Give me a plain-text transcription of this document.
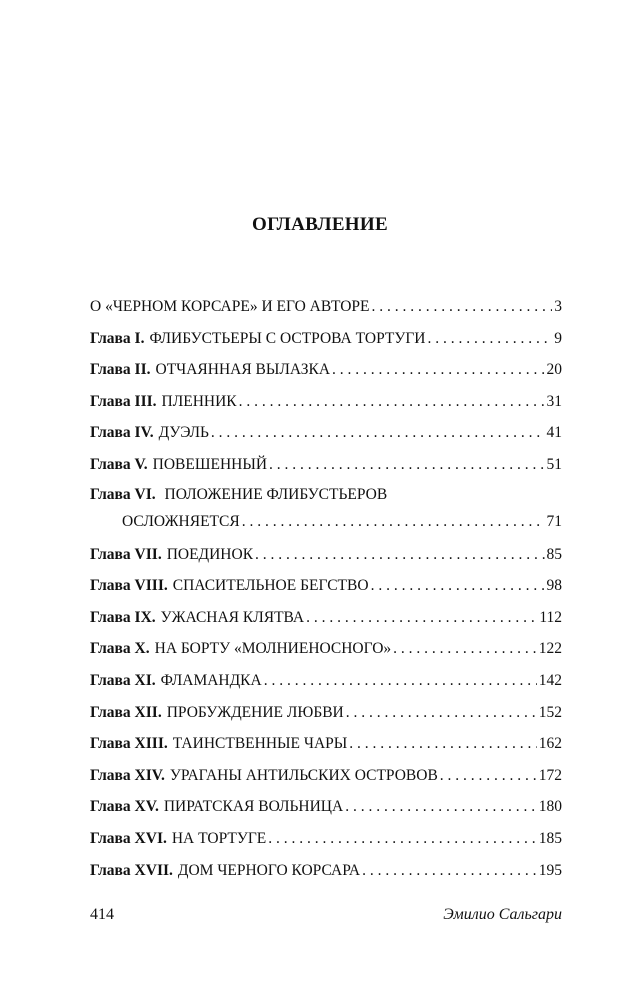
ОГЛАВЛЕНИЕ
О «ЧЕРНОМ КОРСАРЕ» И ЕГО АВТОРЕ . . .	3
Глава I. ФЛИБУСТЬЕРЫ С ОСТРОВА ТОРТУГИ . . .	9
Глава II. ОТЧАЯННАЯ ВЫЛАЗКА . . .	20
Глава III. ПЛЕННИК . . .	31
Глава IV. ДУЭЛЬ . . .	41
Глава V. ПОВЕШЕННЫЙ . . .	51
Глава VI. ПОЛОЖЕНИЕ ФЛИБУСТЬЕРОВ
ОСЛОЖНЯЕТСЯ . . .	71
Глава VII. ПОЕДИНОК . . .	85
Глава VIII. СПАСИТЕЛЬНОЕ БЕГСТВО . . .	98
Глава IX. УЖАСНАЯ КЛЯТВА . . .	112
Глава X. НА БОРТУ «МОЛНИЕНОСНОГО» . . .	122
Глава XI. ФЛАМАНДКА . . .	142
Глава XII. ПРОБУЖДЕНИЕ ЛЮБВИ . . .	152
Глава XIII. ТАИНСТВЕННЫЕ ЧАРЫ . . .	162
Глава XIV. УРАГАНЫ АНТИЛЬСКИХ ОСТРОВОВ . . .	172
Глава XV. ПИРАТСКАЯ ВОЛЬНИЦА . . .	180
Глава XVI. НА ТОРТУГЕ . . .	185
Глава XVII. ДОМ ЧЕРНОГО КОРСАРА . . .	195
414	Эмилио Сальгари
